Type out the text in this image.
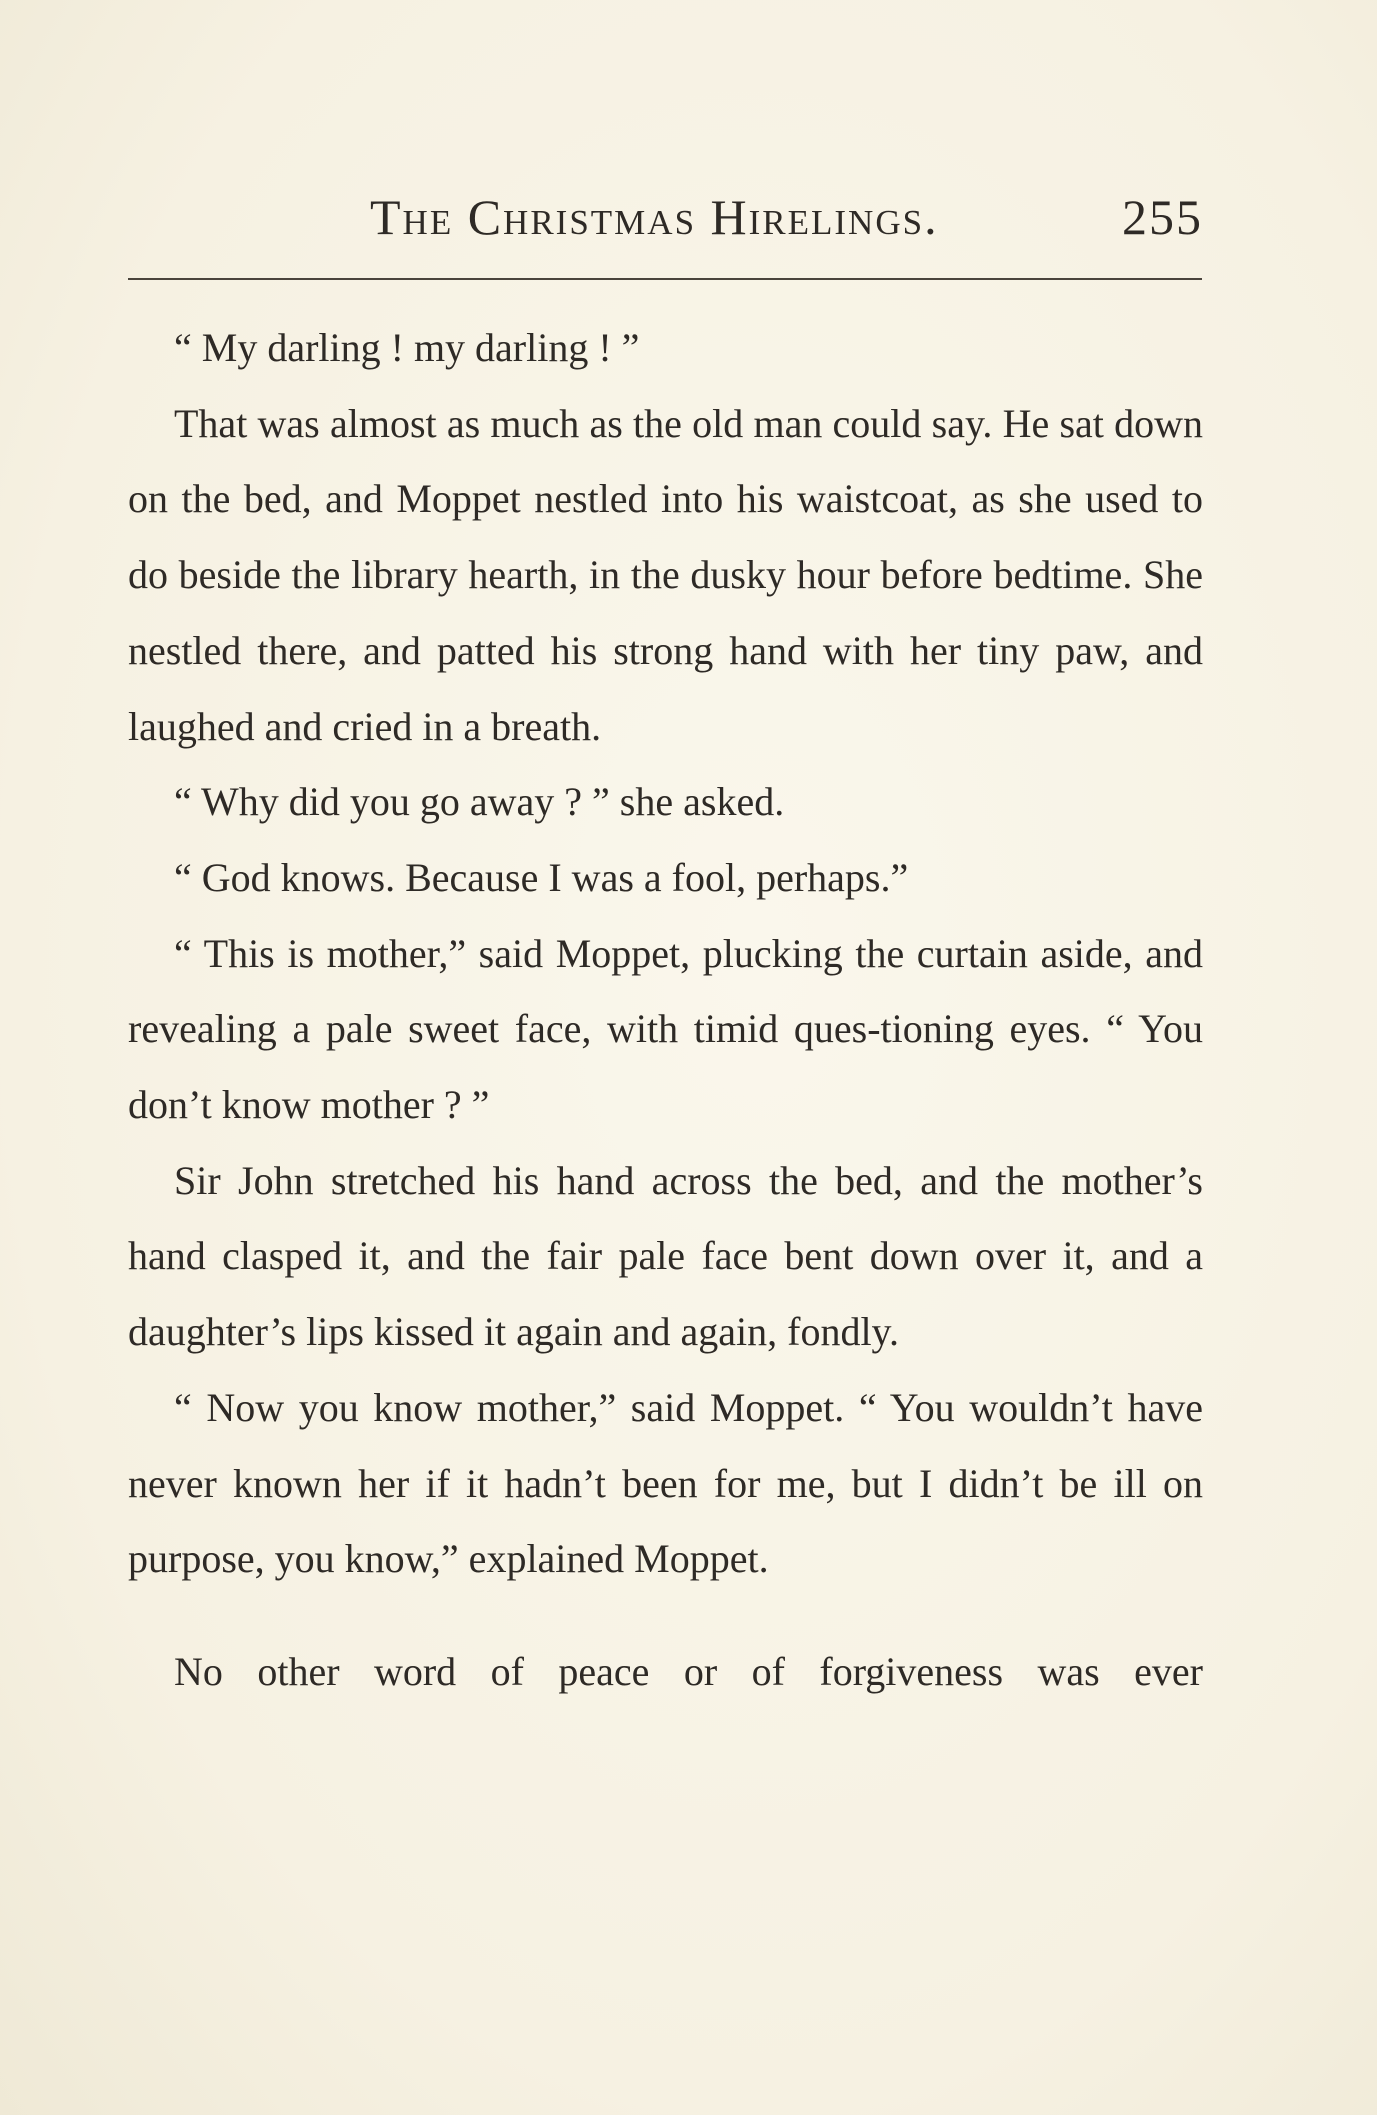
The Christmas Hirelings.	255

“ My darling ! my darling ! ”

That was almost as much as the old man could say. He sat down on the bed, and Moppet nestled into his waistcoat, as she used to do beside the library hearth, in the dusky hour before bedtime. She nestled there, and patted his strong hand with her tiny paw, and laughed and cried in a breath.

“ Why did you go away ? ” she asked.

“ God knows. Because I was a fool, perhaps.”

“ This is mother,” said Moppet, plucking the curtain aside, and revealing a pale sweet face, with timid ques-tioning eyes. “ You don’t know mother ? ”

Sir John stretched his hand across the bed, and the mother’s hand clasped it, and the fair pale face bent down over it, and a daughter’s lips kissed it again and again, fondly.

“ Now you know mother,” said Moppet. “ You wouldn’t have never known her if it hadn’t been for me, but I didn’t be ill on purpose, you know,” explained Moppet.

No other word of peace or of forgiveness was ever
